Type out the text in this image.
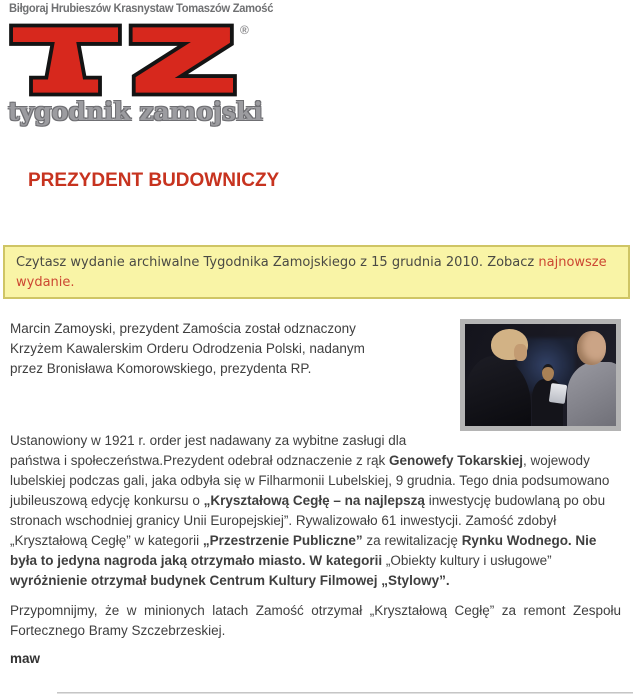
Biłgoraj Hrubieszów Krasnystaw Tomaszów Zamość
®
tygodnik zamojski
PREZYDENT BUDOWNICZY
Czytasz wydanie archiwalne Tygodnika Zamojskiego z 15 grudnia 2010. Zobacz najnowsze wydanie.

Marcin Zamoyski, prezydent Zamościa został odznaczony Krzyżem Kawalerskim Orderu Odrodzenia Polski, nadanym przez Bronisława Komorowskiego, prezydenta RP.

Ustanowiony w 1921 r. order jest nadawany za wybitne zasługi dla państwa i społeczeństwa.Prezydent odebrał odznaczenie z rąk Genowefy Tokarskiej, wojewody lubelskiej podczas gali, jaka odbyła się w Filharmonii Lubelskiej, 9 grudnia. Tego dnia podsumowano jubileuszową edycję konkursu o „Kryształową Cegłę – na najlepszą inwestycję budowlaną po obu stronach wschodniej granicy Unii Europejskiej”. Rywalizowało 61 inwestycji. Zamość zdobył „Kryształową Cegłę” w kategorii „Przestrzenie Publiczne” za rewitalizację Rynku Wodnego. Nie była to jedyna nagroda jaką otrzymało miasto. W kategorii „Obiekty kultury i usługowe” wyróżnienie otrzymał budynek Centrum Kultury Filmowej „Stylowy”.

Przypomnijmy, że w minionych latach Zamość otrzymał „Kryształową Cegłę” za remont Zespołu Fortecznego Bramy Szczebrzeskiej.

maw
